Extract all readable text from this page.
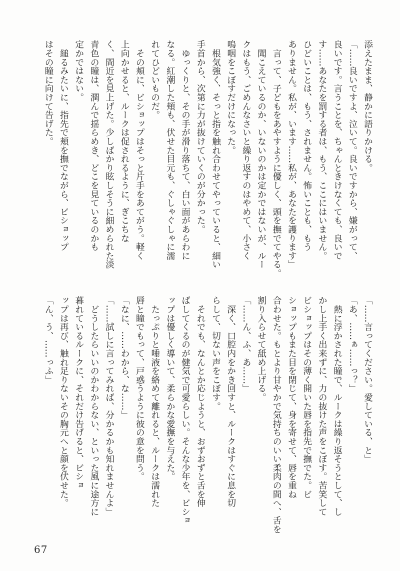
添えたまま、静かに語りかける。
「……良いですよ、泣いて。良いですから、嫌がって、
良いです。言うことを、ちゃんときけなくても、良いで
す……あなたを罰する者は、もう、ここにはいません。
ひどいことは、もう、されません。怖いことも、もう
ありません。私が、います……私が、あなたを護ります」
　言って、子どもをあやすように優しく、頭を撫でてやる。
　聞こえているのか、いないのかは定かではないが、ルー
クはもう、ごめんなさいと繰り返すのはやめて、小さく
嗚咽をこぼすだけになった。
　根気強く、そっと指を触れ合わせてやっていると、細い
手首から、次第に力が抜けていくのが分かった。
　ゆっくりと、その手が滑り落ちて、白い面があらわに
なる。紅潮した頬も、伏せた目元も、ぐしゃぐしゃに濡
れてひどいものだ。
　その頬に、ビショップはそっと片手をあてがう。軽く
上向かせると、ルークは促されるように、ぎこちな
く、間近を見上げた。少しばかり眩しそうに細められた淡
青色の瞳は、潤んで揺らめき、どこを見ているのかも
定かではない。
　縋るみたいに、指先で頬を撫でながら、ビショップ
はその瞳に向けて告げた。
「……言ってください。愛している、と」
「あ、……ぁ……っ？」
　熱に浮かされた瞳で、ルークは繰り返そうとして、し
かし上手く出来ずに、力の抜けた声をこぼす。苦笑して
ビショップはその薄く開いた唇を指先で撫でた。ビ
ショップもまた目を閉じて、身を寄せて、唇を重ね
合わせた。もとより甘やかで気持ちのいい柔肉の間へ、舌を
割り入らせて舐め上げる。
「……ん、ふ、あ……」
　深く、口腔内をかき回すと、ルークはすぐに息を切
らして、切ない声をこぼす。
　それでも、なんとか応じようと、おずおずと舌を伸
ばしてくるのが健気で可愛らしい。そんな少年を、ビショ
ップは優しく導いて、柔らかな愛撫を与えた。
　たっぷりと唾液を絡めて離れると、ルークは濡れた
唇と瞳でもって、戸惑うように彼の意を問う。
「なに、……わから、な……」
「……試しに言ってみれば、分かるかも知れませんよ」
　どうしたらいいのかわからない、といった風に途方に
暮れているルークに、それだけ告げると、ビショ
ップは再び、触れ足りないその胸元へと顔を伏せた。
「ん、う、……っふ」
67
